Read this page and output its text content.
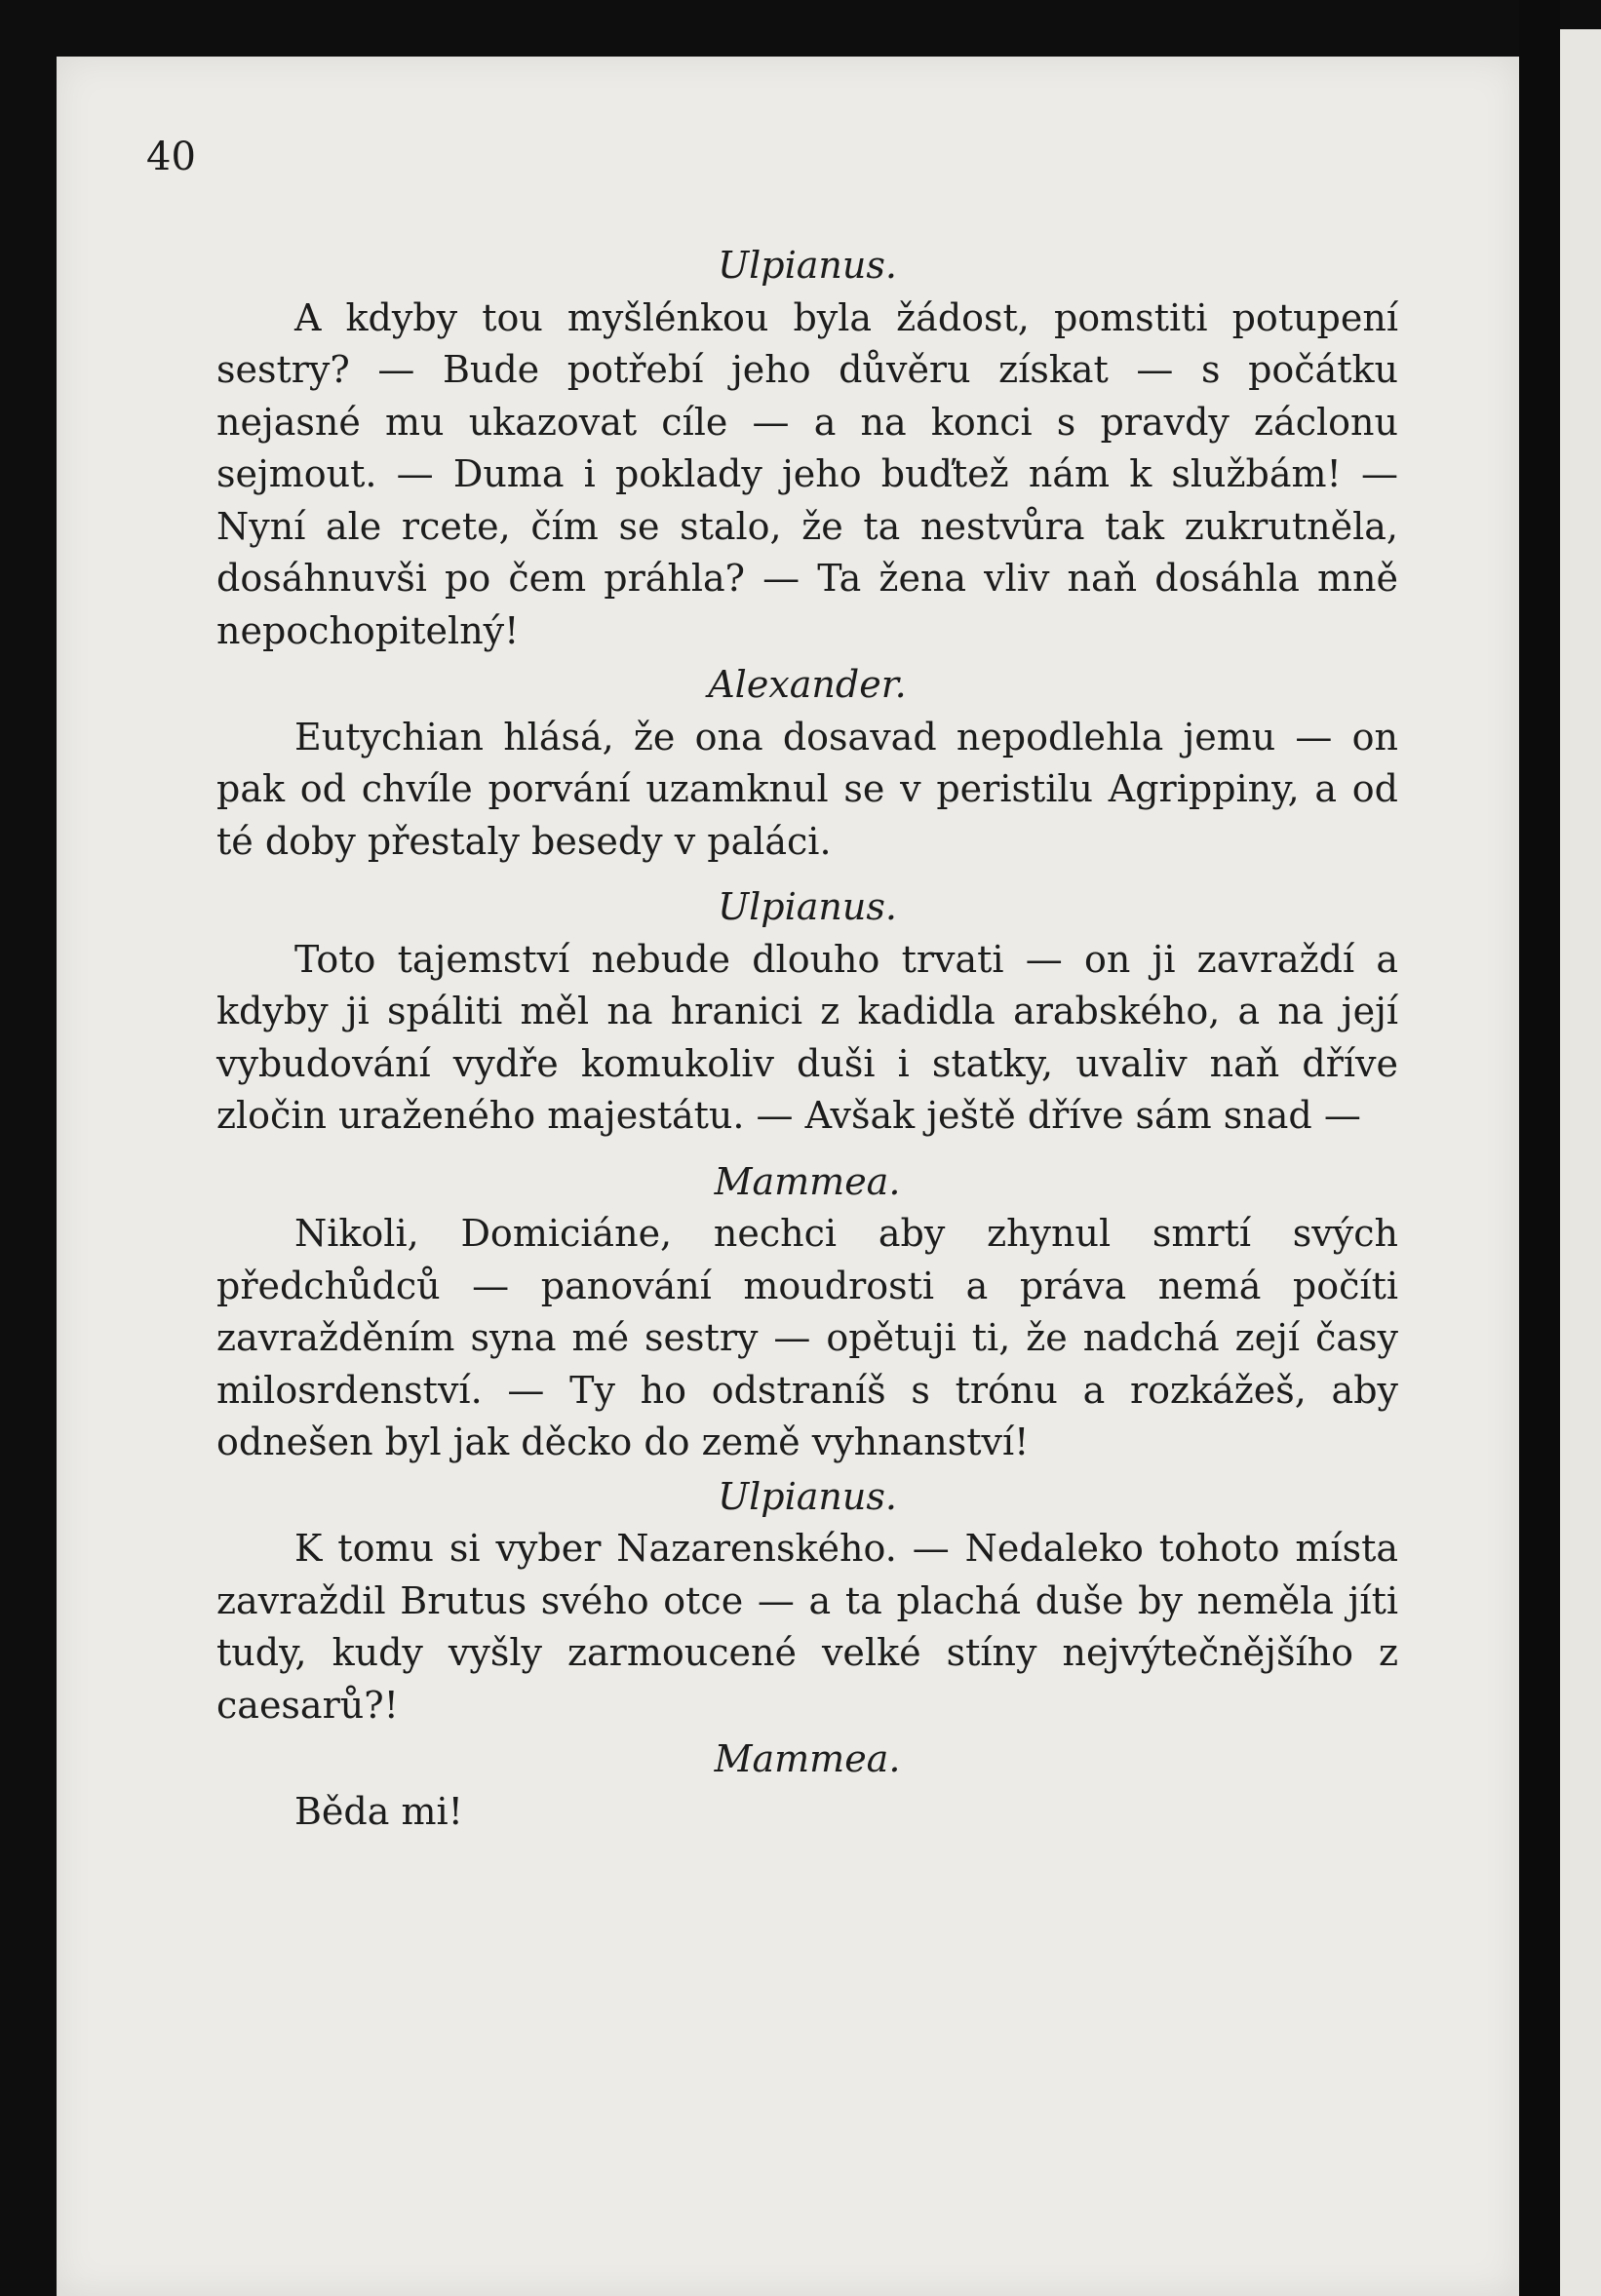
40
Ulpianus.

A kdyby tou myšlénkou byla žádost, pomstiti potupení sestry? — Bude potřebí jeho důvěru získat — s počátku nejasné mu ukazovat cíle — a na konci s pravdy záclonu sejmout. — Duma i poklady jeho buďtež nám k službám! — Nyní ale rcete, čím se stalo, že ta nestvůra tak zukrutněla, dosáhnuvši po čem práhla? — Ta žena vliv naň dosáhla mně nepochopitelný!

Alexander.

Eutychian hlásá, že ona dosavad nepodlehla jemu — on pak od chvíle porvání uzamknul se v peristilu Agrippiny, a od té doby přestaly besedy v paláci.

Ulpianus.

Toto tajemství nebude dlouho trvati — on ji zavraždí a kdyby ji spáliti měl na hranici z kadidla arabského, a na její vybudování vydře komukoliv duši i statky, uvaliv naň dříve zločin uraženého majestátu. — Avšak ještě dříve sám snad —

Mammea.

Nikoli, Domiciáne, nechci aby zhynul smrtí svých předchůdců — panování moudrosti a práva nemá počíti zavražděním syna mé sestry — opětuji ti, že nadchá zejí časy milosrdenství. — Ty ho odstraníš s trónu a rozkážeš, aby odnešen byl jak děcko do země vyhnanství!

Ulpianus.

K tomu si vyber Nazarenského. — Nedaleko tohoto místa zavraždil Brutus svého otce — a ta plachá duše by neměla jíti tudy, kudy vyšly zarmoucené velké stíny nejvýtečnějšího z caesarů?!

Mammea.

Běda mi!
